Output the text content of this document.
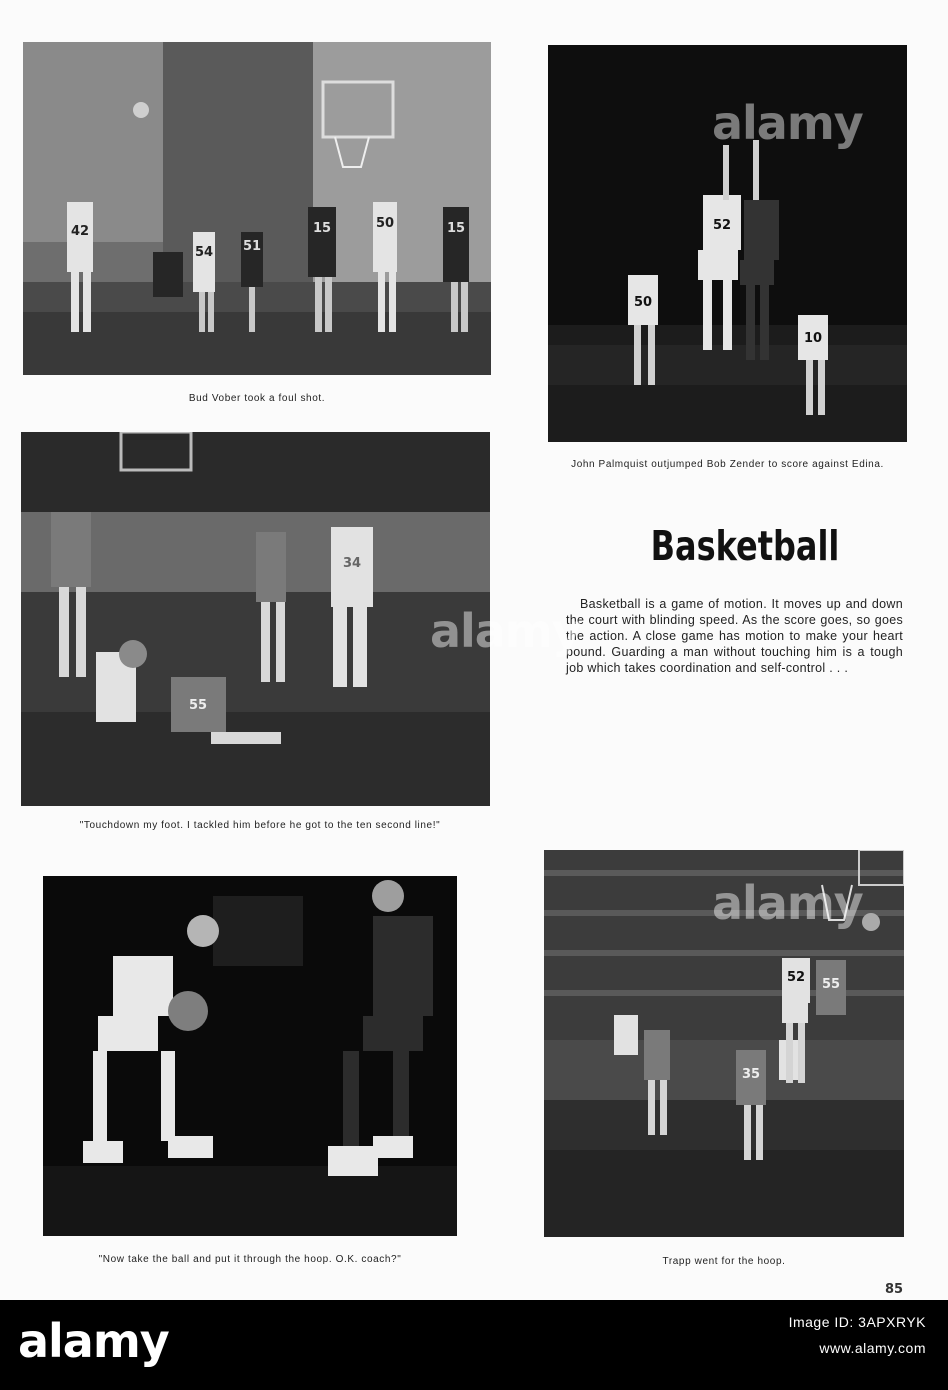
42
54 51
15	50	15
Bud Vober took a foul shot.
52
50
10
John Palmquist outjumped Bob Zender to score against Edina.
55
34
"Touchdown my foot. I tackled him before he got to the ten second line!"
Basketball
Basketball is a game of motion. It moves up and down the court with blinding speed. As the score goes, so goes the action. A close game has motion to make your heart pound. Guarding a man without touching him is a tough job which takes coordination and self-control . . .
"Now take the ball and put it through the hoop. O.K. coach?"
52 55
35
Trapp went for the hoop.
alamy
alamy
alamy
85
alamy	Image ID: 3APXRYK
www.alamy.com
